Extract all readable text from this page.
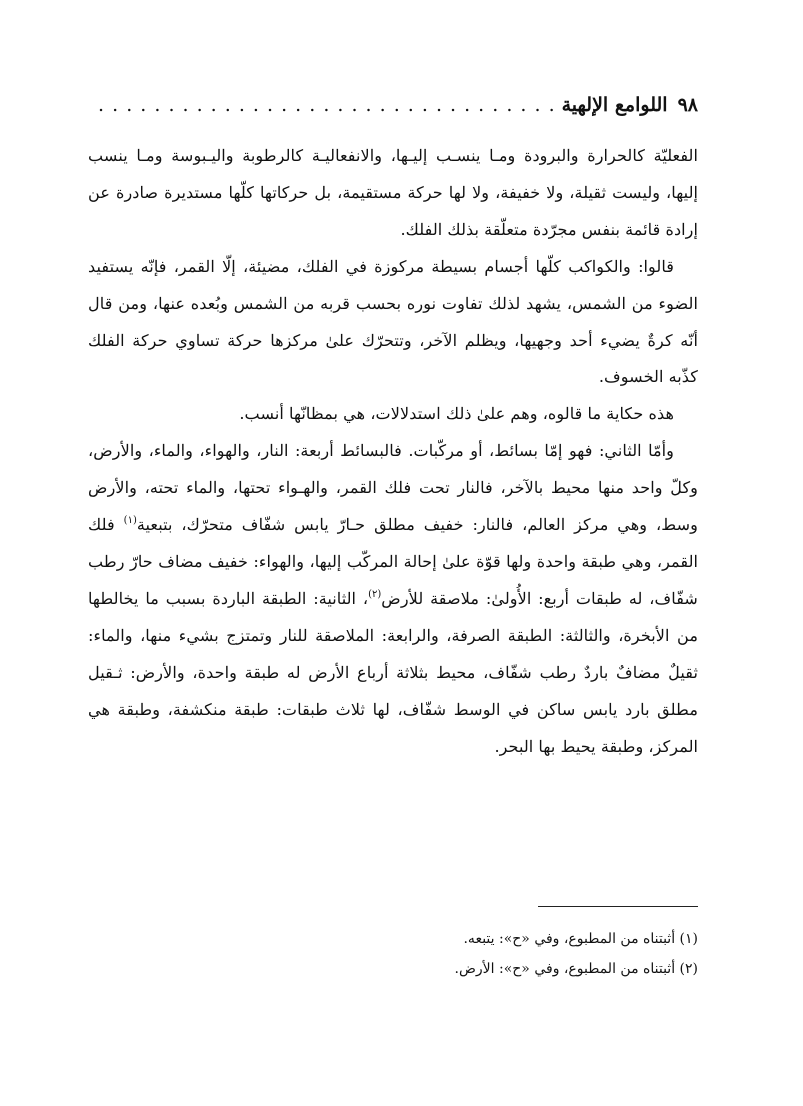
٩٨
اللوامع الإلهية
. . .

الفعليّة كالحرارة والبرودة ومـا ينسـب إليـها، والانفعاليـة كالرطوبة واليـبوسة ومـا ينسب إليها، وليست ثقيلة، ولا خفيفة، ولا لها حركة مستقيمة، بل حركاتها كلّها مستديرة صادرة عن إرادة قائمة بنفس مجرّدة متعلّقة بذلك الفلك.

قالوا: والكواكب كلّها أجسام بسيطة مركوزة في الفلك، مضيئة، إلّا القمر، فإنّه يستفيد الضوء من الشمس، يشهد لذلك تفاوت نوره بحسب قربه من الشمس وبُعده عنها، ومن قال أنّه كرةٌ يضيء أحد وجهيها، ويظلم الآخر، وتتحرّك علىٰ مركزها حركة تساوي حركة الفلك كذّبه الخسوف.

هذه حكاية ما قالوه، وهم علىٰ ذلك استدلالات، هي بمظانّها أنسب.

وأمّا الثاني: فهو إمّا بسائط، أو مركّبات. فالبسائط أربعة: النار، والهواء، والماء، والأرض، وكلّ واحد منها محيط بالآخر، فالنار تحت فلك القمر، والهـواء تحتها، والماء تحته، والأرض وسط، وهي مركز العالم، فالنار: خفيف مطلق حـارّ يابس شفّاف متحرّك، بتبعية$^{(١)}$ فلك القمر، وهي طبقة واحدة ولها قوّة علىٰ إحالة المركّب إليها، والهواء: خفيف مضاف حارّ رطب شفّاف، له طبقات أربع: الأُولىٰ: ملاصقة للأرض$^{(٢)}$، الثانية: الطبقة الباردة بسبب ما يخالطها من الأبخرة، والثالثة: الطبقة الصرفة، والرابعة: الملاصقة للنار وتمتزج بشيء منها، والماء: ثقيلٌ مضافٌ باردٌ رطب شفّاف، محيط بثلاثة أرباع الأرض له طبقة واحدة، والأرض: ثـقيل مطلق بارد يابس ساكن في الوسط شفّاف، لها ثلاث طبقات: طبقة منكشفة، وطبقة هي المركز، وطبقة يحيط بها البحر.

(١) أثبتناه من المطبوع، وفي «ح»: يتبعه.
(٢) أثبتناه من المطبوع، وفي «ح»: الأرض.
